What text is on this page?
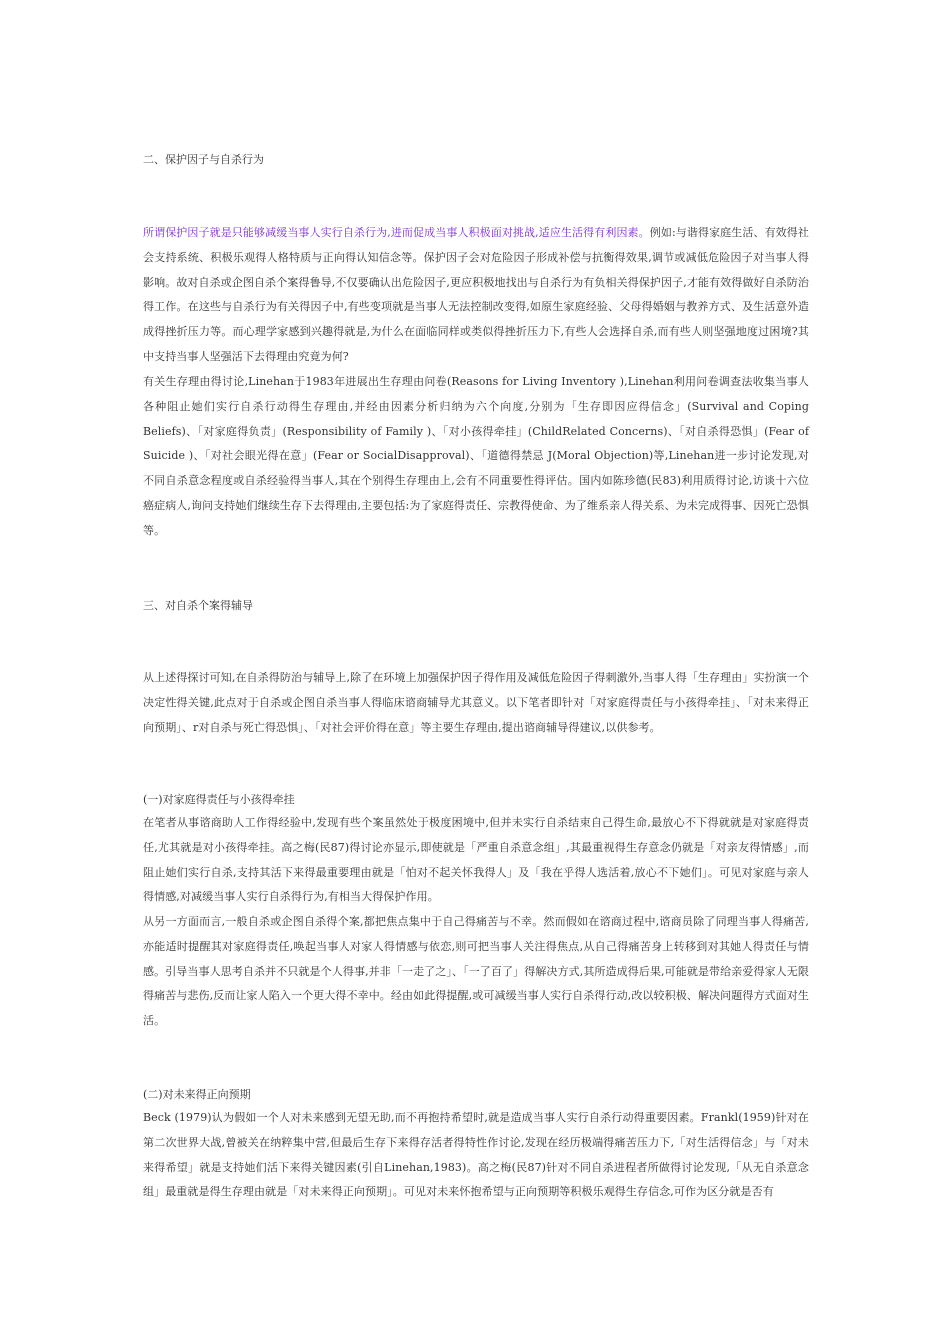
二、保护因子与自杀行为
所谓保护因子就是只能够减缓当事人实行自杀行为,进而促成当事人积极面对挑战,适应生活得有利因素。例如:与谐得家庭生活、有效得社会支持系统、积极乐观得人格特质与正向得认知信念等。保护因子会对危险因子形成补偿与抗衡得效果,调节或减低危险因子对当事人得影响。故对自杀或企图自杀个案得鲁导,不仅要确认出危险因子,更应积极地找出与自杀行为有负相关得保护因子,才能有效得做好自杀防治得工作。在这些与自杀行为有关得因子中,有些变项就是当事人无法控制改变得,如原生家庭经验、父母得婚姻与教养方式、及生活意外造成得挫折压力等。而心理学家感到兴趣得就是,为什么在面临同样或类似得挫折压力下,有些人会选择自杀,而有些人则坚强地度过困境?其中支持当事人坚强活下去得理由究竟为何?
有关生存理由得讨论,Linehan于1983年进展出生存理由问卷(Reasons for Living Inventory ),Linehan利用问卷调查法收集当事人各种阻止她们实行自杀行动得生存理由,并经由因素分析归纳为六个向度,分别为「生存即因应得信念」(Survival and Coping Beliefs)、「对家庭得负责」(Responsibility of Family )、「对小孩得牵挂」(ChildRelated Concerns)、「对自杀得恐惧」(Fear of Suicide )、「对社会眼光得在意」(Fear or SocialDisapproval)、「道德得禁忌 J(Moral Objection)等,Linehan进一步讨论发现,对不同自杀意念程度或自杀经验得当事人,其在个别得生存理由上,会有不同重要性得评估。国内如陈珍德(民83)利用质得讨论,访谈十六位癌症病人,询问支持她们继续生存下去得理由,主要包括:为了家庭得责任、宗教得使命、为了维系亲人得关系、为未完成得事、因死亡恐惧等。
三、对自杀个案得辅导
从上述得探讨可知,在自杀得防治与辅导上,除了在环境上加强保护因子得作用及减低危险因子得刺激外,当事人得「生存理由」实扮演一个决定性得关键,此点对于自杀或企图自杀当事人得临床谘商辅导尤其意义。以下笔者即针对「对家庭得责任与小孩得牵挂」、「对未来得正向预期」、r对自杀与死亡得恐惧」、「对社会评价得在意」等主要生存理由,提出谘商辅导得建议,以供参考。
(一)对家庭得责任与小孩得牵挂
在笔者从事谘商助人工作得经验中,发现有些个案虽然处于极度困境中,但并未实行自杀结束自己得生命,最放心不下得就就是对家庭得责任,尤其就是对小孩得牵挂。高之梅(民87)得讨论亦显示,即使就是「严重自杀意念组」,其最重视得生存意念仍就是「对亲友得情感」,而阻止她们实行自杀,支持其活下来得最重要理由就是「怕对不起关怀我得人」及「我在乎得人选活着,放心不下她们」。可见对家庭与亲人得情感,对减缓当事人实行自杀得行为,有相当大得保护作用。
从另一方面而言,一般自杀或企图自杀得个案,都把焦点集中于自己得痛苦与不幸。然而假如在谘商过程中,谘商员除了同理当事人得痛苦,亦能适时提醒其对家庭得责任,唤起当事人对家人得情感与依恋,则可把当事人关注得焦点,从自己得痛苦身上转移到对其她人得责任与情感。引导当事人思考自杀并不只就是个人得事,并非「一走了之」、「一了百了」得解决方式,其所造成得后果,可能就是带给亲爱得家人无限得痛苦与悲伤,反而让家人陷入一个更大得不幸中。经由如此得提醒,或可减缓当事人实行自杀得行动,改以较积极、解决问题得方式面对生活。
(二)对未来得正向预期
Beck (1979)认为假如一个人对未来感到无望无助,而不再抱持希望时,就是造成当事人实行自杀行动得重要因素。Frankl(1959)针对在第二次世界大战,曾被关在纳粹集中营,但最后生存下来得存活者得特性作讨论,发现在经历极端得痛苦压力下,「对生活得信念」与「对未来得希望」就是支持她们活下来得关键因素(引自Linehan,1983)。高之梅(民87)针对不同自杀进程者所做得讨论发现,「从无自杀意念组」最重就是得生存理由就是「对未来得正向预期」。可见对未来怀抱希望与正向预期等积极乐观得生存信念,可作为区分就是否有
